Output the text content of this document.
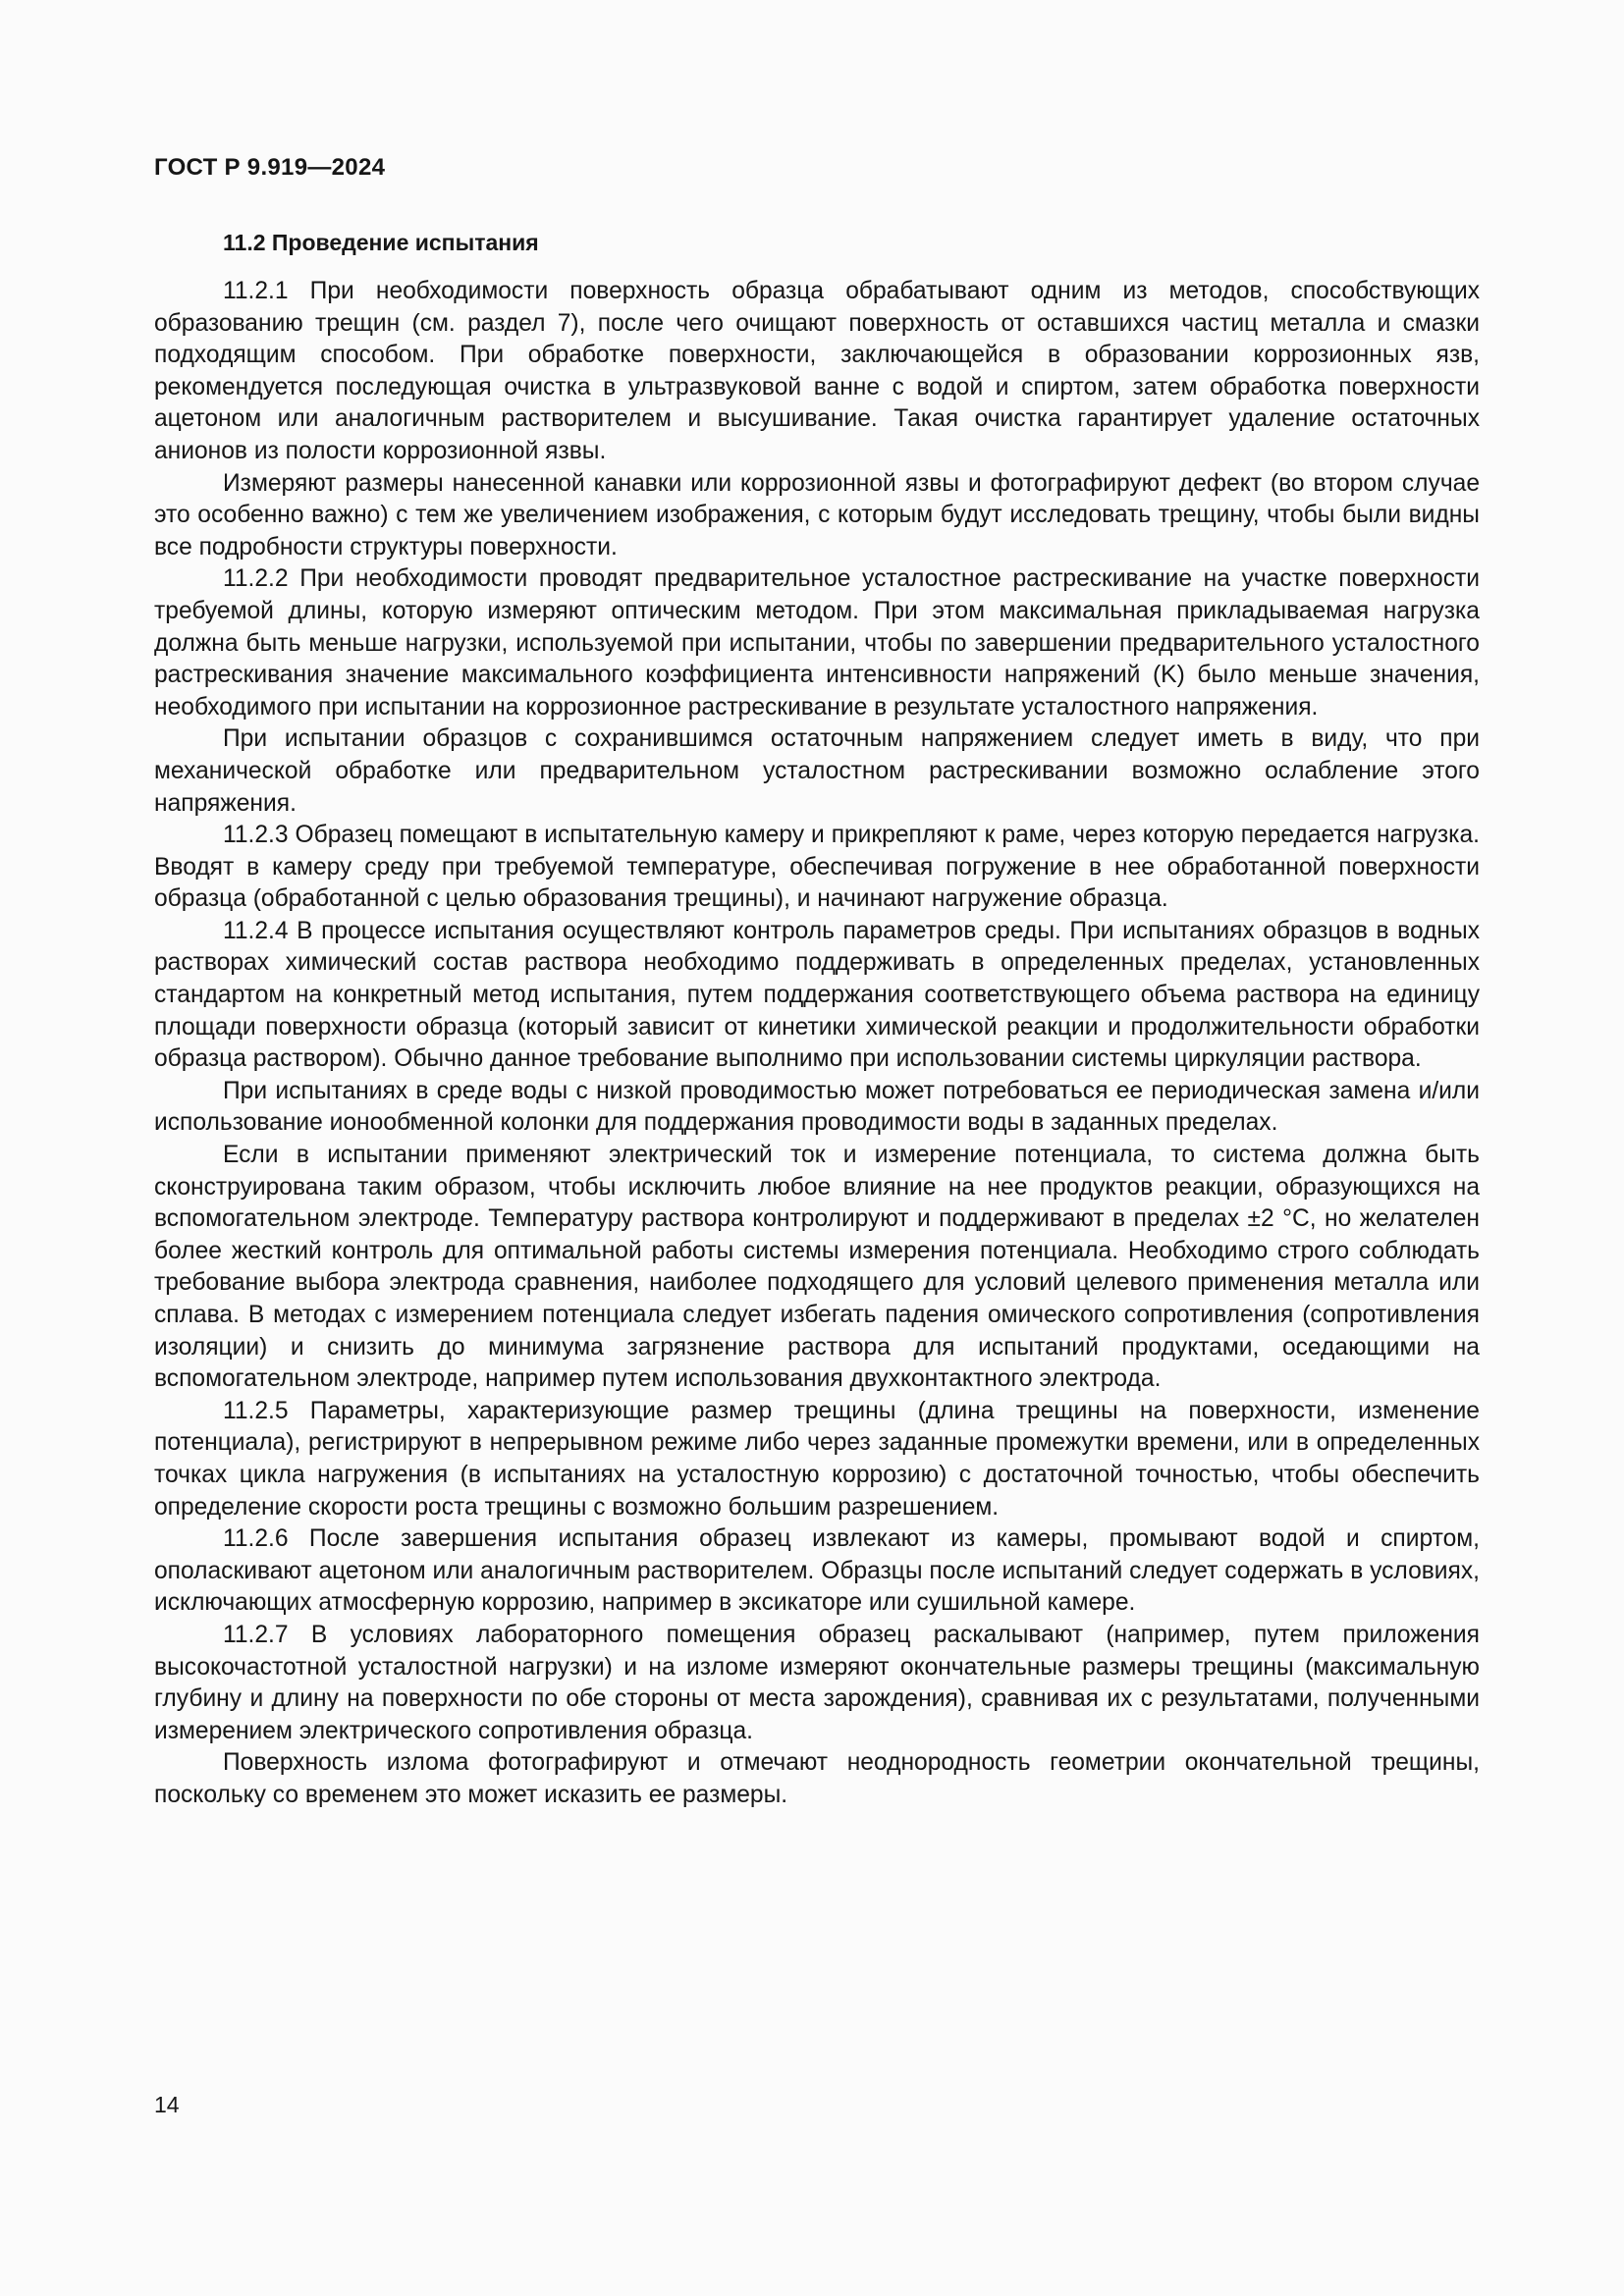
ГОСТ Р 9.919—2024
11.2 Проведение испытания

11.2.1 При необходимости поверхность образца обрабатывают одним из методов, способствующих образованию трещин (см. раздел 7), после чего очищают поверхность от оставшихся частиц металла и смазки подходящим способом. При обработке поверхности, заключающейся в образовании коррозионных язв, рекомендуется последующая очистка в ультразвуковой ванне с водой и спиртом, затем обработка поверхности ацетоном или аналогичным растворителем и высушивание. Такая очистка гарантирует удаление остаточных анионов из полости коррозионной язвы.

Измеряют размеры нанесенной канавки или коррозионной язвы и фотографируют дефект (во втором случае это особенно важно) с тем же увеличением изображения, с которым будут исследовать трещину, чтобы были видны все подробности структуры поверхности.

11.2.2 При необходимости проводят предварительное усталостное растрескивание на участке поверхности требуемой длины, которую измеряют оптическим методом. При этом максимальная прикладываемая нагрузка должна быть меньше нагрузки, используемой при испытании, чтобы по завершении предварительного усталостного растрескивания значение максимального коэффициента интенсивности напряжений (K) было меньше значения, необходимого при испытании на коррозионное растрескивание в результате усталостного напряжения.

При испытании образцов с сохранившимся остаточным напряжением следует иметь в виду, что при механической обработке или предварительном усталостном растрескивании возможно ослабление этого напряжения.

11.2.3 Образец помещают в испытательную камеру и прикрепляют к раме, через которую передается нагрузка. Вводят в камеру среду при требуемой температуре, обеспечивая погружение в нее обработанной поверхности образца (обработанной с целью образования трещины), и начинают нагружение образца.

11.2.4 В процессе испытания осуществляют контроль параметров среды. При испытаниях образцов в водных растворах химический состав раствора необходимо поддерживать в определенных пределах, установленных стандартом на конкретный метод испытания, путем поддержания соответствующего объема раствора на единицу площади поверхности образца (который зависит от кинетики химической реакции и продолжительности обработки образца раствором). Обычно данное требование выполнимо при использовании системы циркуляции раствора.

При испытаниях в среде воды с низкой проводимостью может потребоваться ее периодическая замена и/или использование ионообменной колонки для поддержания проводимости воды в заданных пределах.

Если в испытании применяют электрический ток и измерение потенциала, то система должна быть сконструирована таким образом, чтобы исключить любое влияние на нее продуктов реакции, образующихся на вспомогательном электроде. Температуру раствора контролируют и поддерживают в пределах ±2 °С, но желателен более жесткий контроль для оптимальной работы системы измерения потенциала. Необходимо строго соблюдать требование выбора электрода сравнения, наиболее подходящего для условий целевого применения металла или сплава. В методах с измерением потенциала следует избегать падения омического сопротивления (сопротивления изоляции) и снизить до минимума загрязнение раствора для испытаний продуктами, оседающими на вспомогательном электроде, например путем использования двухконтактного электрода.

11.2.5 Параметры, характеризующие размер трещины (длина трещины на поверхности, изменение потенциала), регистрируют в непрерывном режиме либо через заданные промежутки времени, или в определенных точках цикла нагружения (в испытаниях на усталостную коррозию) с достаточной точностью, чтобы обеспечить определение скорости роста трещины с возможно большим разрешением.

11.2.6 После завершения испытания образец извлекают из камеры, промывают водой и спиртом, ополаскивают ацетоном или аналогичным растворителем. Образцы после испытаний следует содержать в условиях, исключающих атмосферную коррозию, например в эксикаторе или сушильной камере.

11.2.7 В условиях лабораторного помещения образец раскалывают (например, путем приложения высокочастотной усталостной нагрузки) и на изломе измеряют окончательные размеры трещины (максимальную глубину и длину на поверхности по обе стороны от места зарождения), сравнивая их с результатами, полученными измерением электрического сопротивления образца.

Поверхность излома фотографируют и отмечают неоднородность геометрии окончательной трещины, поскольку со временем это может исказить ее размеры.

14
